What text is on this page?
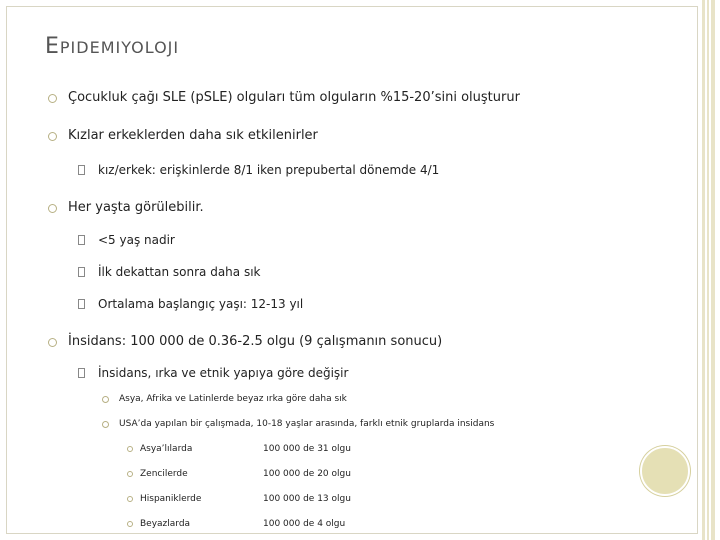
EPIDEMIYOLOJI
Çocukluk çağı SLE (pSLE) olguları tüm olguların %15-20’sini oluşturur
Kızlar erkeklerden daha sık etkilenirler
kız/erkek: erişkinlerde 8/1 iken prepubertal dönemde 4/1
Her yaşta görülebilir.
<5 yaş nadir
İlk dekattan sonra daha sık
Ortalama başlangıç yaşı: 12-13 yıl
İnsidans: 100 000 de 0.36-2.5 olgu (9 çalışmanın sonucu)
İnsidans, ırka ve etnik yapıya göre değişir
Asya, Afrika ve Latinlerde beyaz ırka göre daha sık
USA’da yapılan bir çalışmada, 10-18 yaşlar arasında, farklı etnik gruplarda insidans
Asya’lılarda	100 000 de 31 olgu
Zencilerde	100 000 de 20 olgu
Hispaniklerde	100 000 de 13 olgu
Beyazlarda	100 000 de 4 olgu
